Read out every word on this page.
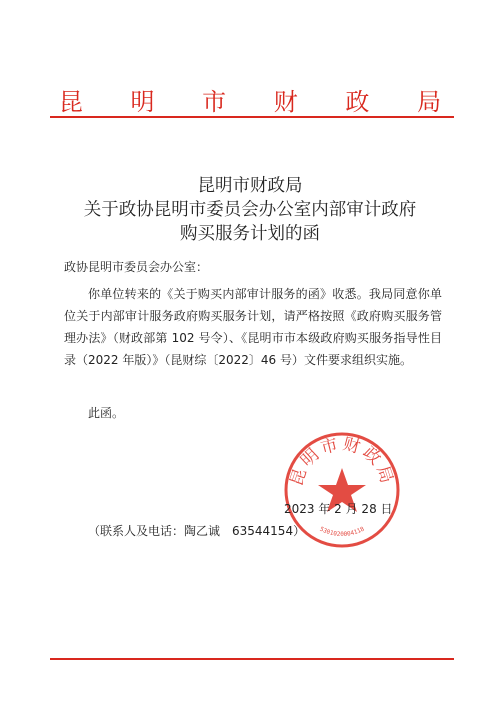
昆 明 市 财 政 局
昆明市财政局
关于政协昆明市委员会办公室内部审计政府
购买服务计划的函
政协昆明市委员会办公室：
你单位转来的《关于购买内部审计服务的函》收悉。我局同意你单位关于内部审计服务政府购买服务计划，请严格按照《政府购买服务管理办法》（财政部第 102 号令）、《昆明市市本级政府购买服务指导性目录（2022 年版）》（昆财综〔2022〕46 号）文件要求组织实施。
此函。
昆明市财政局
5301020004118
2023 年 2 月 28 日
（联系人及电话：陶乙诚　63544154）
